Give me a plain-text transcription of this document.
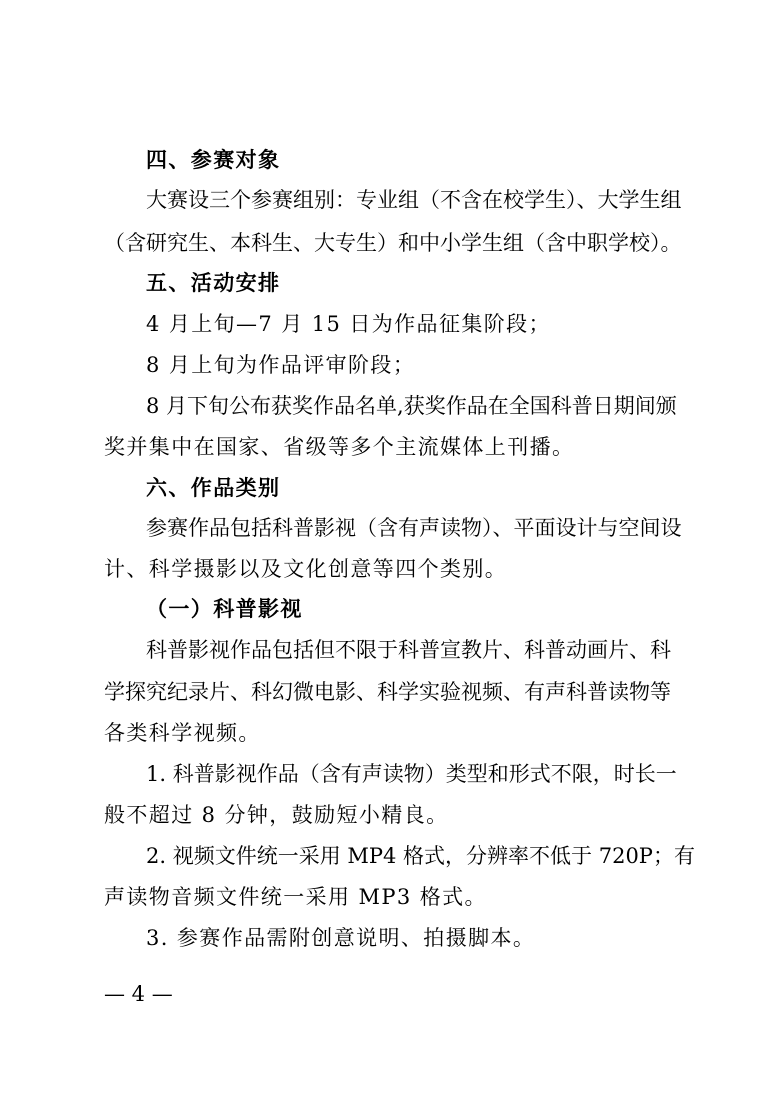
四、参赛对象
大赛设三个参赛组别：专业组（不含在校学生）、大学生组
（含研究生、本科生、大专生）和中小学生组（含中职学校）。
五、活动安排
4 月上旬—7 月 15 日为作品征集阶段；
8 月上旬为作品评审阶段；
8 月下旬公布获奖作品名单,获奖作品在全国科普日期间颁
奖并集中在国家、省级等多个主流媒体上刊播。
六、作品类别
参赛作品包括科普影视（含有声读物）、平面设计与空间设
计、科学摄影以及文化创意等四个类别。
（一）科普影视
科普影视作品包括但不限于科普宣教片、科普动画片、科
学探究纪录片、科幻微电影、科学实验视频、有声科普读物等
各类科学视频。
1. 科普影视作品（含有声读物）类型和形式不限，时长一
般不超过 8 分钟，鼓励短小精良。
2. 视频文件统一采用 MP4 格式，分辨率不低于 720P；有
声读物音频文件统一采用 MP3 格式。
3. 参赛作品需附创意说明、拍摄脚本。
— 4 —
